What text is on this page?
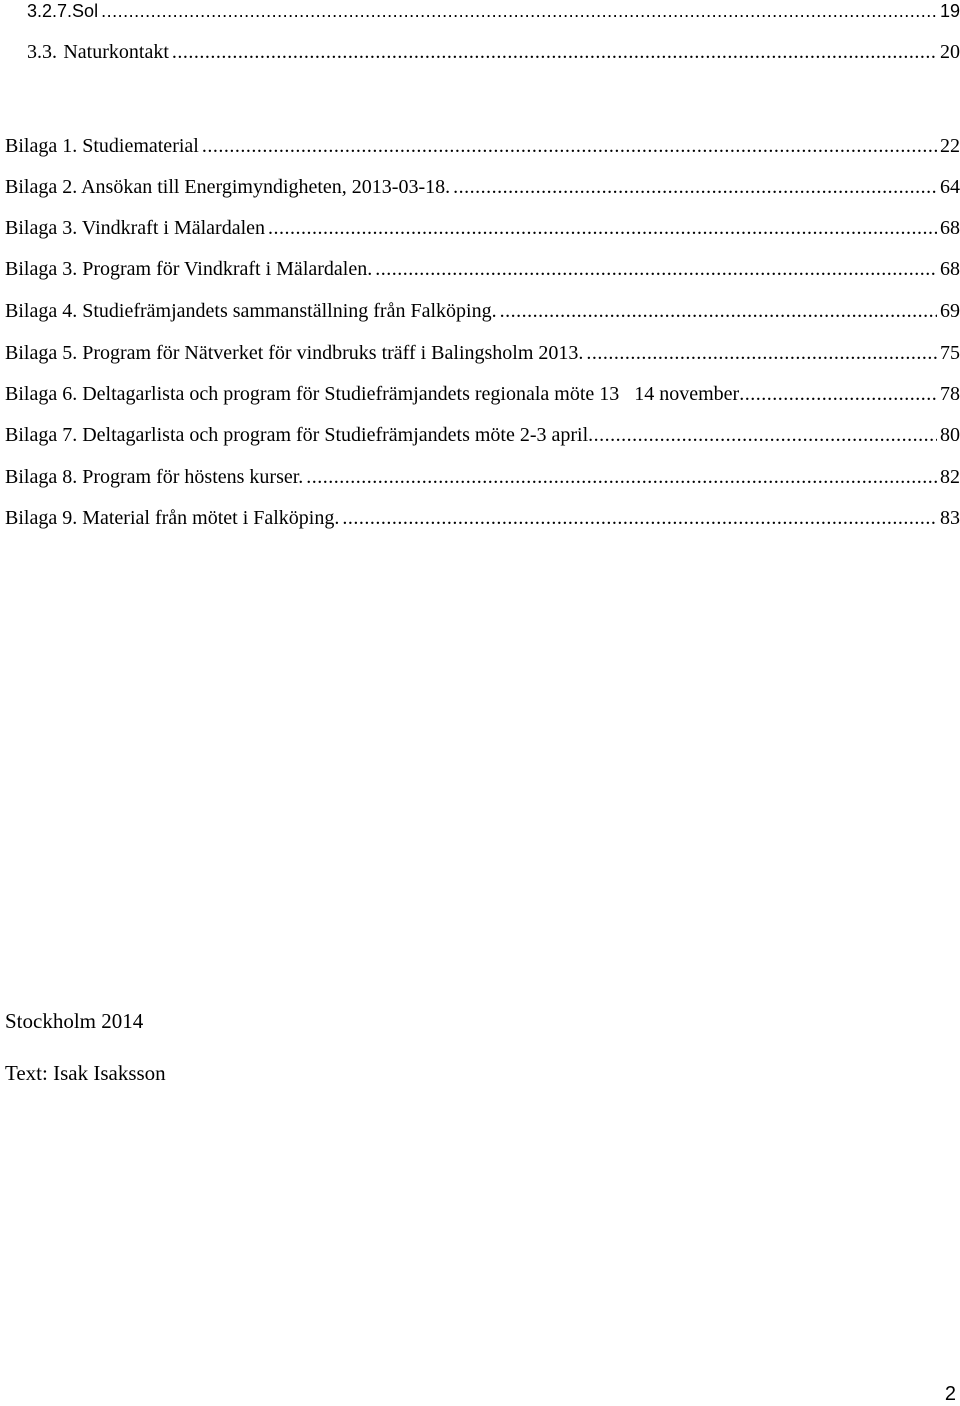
3.2.7. Sol .....	19
3.3. Naturkontakt .....	20
Bilaga 1. Studiematerial .....	22
Bilaga 2. Ansökan till Energimyndigheten, 2013-03-18. .....	64
Bilaga 3. Vindkraft i Mälardalen .....	68
Bilaga 3. Program för Vindkraft i Mälardalen. .....	68
Bilaga 4. Studiefrämjandets sammanställning från Falköping. .....	69
Bilaga 5. Program för Nätverket för vindbruks träff i Balingsholm 2013. .....	75
Bilaga 6. Deltagarlista och program för Studiefrämjandets regionala möte 13   14 november .....	78
Bilaga 7. Deltagarlista och program för Studiefrämjandets möte 2-3 april .....	80
Bilaga 8. Program för höstens kurser. .....	82
Bilaga 9. Material från mötet i Falköping. .....	83
Stockholm 2014
Text: Isak Isaksson
2
